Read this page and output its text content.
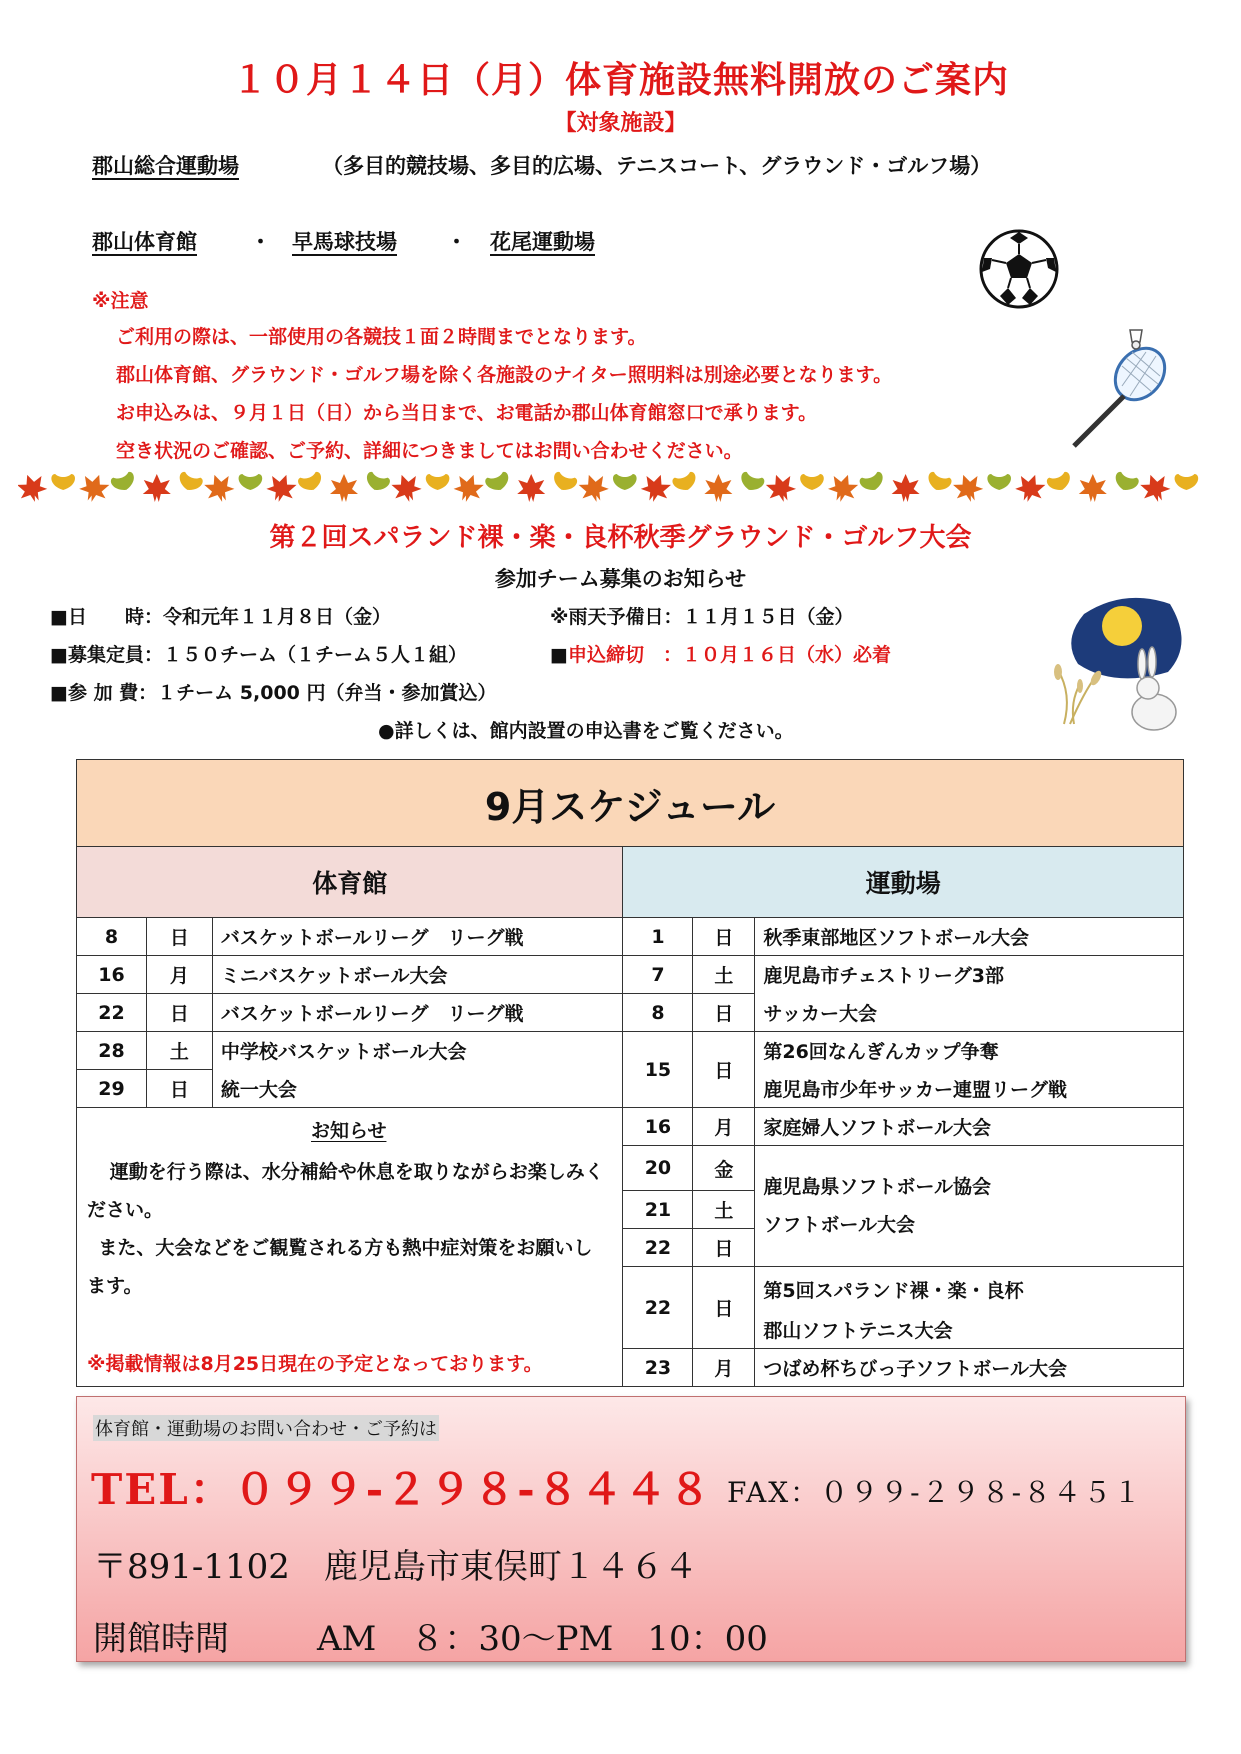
１０月１４日（月）体育施設無料開放のご案内
【対象施設】
郡山総合運動場	（多目的競技場、多目的広場、テニスコート、グラウンド・ゴルフ場）
郡山体育館	・ 早馬球技場 ・ 花尾運動場
※注意
ご利用の際は、一部使用の各競技１面２時間までとなります。
郡山体育館、グラウンド・ゴルフ場を除く各施設のナイター照明料は別途必要となります。
お申込みは、９月１日（日）から当日まで、お電話か郡山体育館窓口で承ります。
空き状況のご確認、ご予約、詳細につきましてはお問い合わせください。
第２回スパランド裸・楽・良杯秋季グラウンド・ゴルフ大会
参加チーム募集のお知らせ
■日　　時：令和元年１１月８日（金）	※雨天予備日：１１月１５日（金）
■募集定員：１５０チーム（１チーム５人１組）	■申込締切　：１０月１６日（水）必着
■参 加 費：１チーム 5,000 円（弁当・参加賞込）
●詳しくは、館内設置の申込書をご覧ください。
9月スケジュール					
体育館			運動場		
8	日	バスケットボールリーグ　リーグ戦	1	日	秋季東部地区ソフトボール大会
16	月	ミニバスケットボール大会	7	土	鹿児島市チェストリーグ3部
22	日	バスケットボールリーグ　リーグ戦	8	日	サッカー大会
28	土	中学校バスケットボール大会	15	日	第26回なんぎんカップ争奪
29	日	統一大会			鹿児島市少年サッカー連盟リーグ戦

お知らせ
運動を行う際は、水分補給や休息を取りながらお楽しみください。
また、大会などをご観覧される方も熱中症対策をお願いします。
※掲載情報は8月25日現在の予定となっております。			16	月	家庭婦人ソフトボール大会
			20	金	鹿児島県ソフトボール協会
ソフトボール大会

			21	土	
			22	日	
			22	日	第5回スパランド裸・楽・良杯
					郡山ソフトテニス大会
			23	月	つばめ杯ちびっ子ソフトボール大会
体育館・運動場のお問い合わせ・ご予約は
TEL：０９９‐２９８‐８４４８ FAX：０９９‐２９８‐８４５１
〒891-1102　鹿児島市東俣町１４６４
開館時間	AM　８：30～PM　10：00
